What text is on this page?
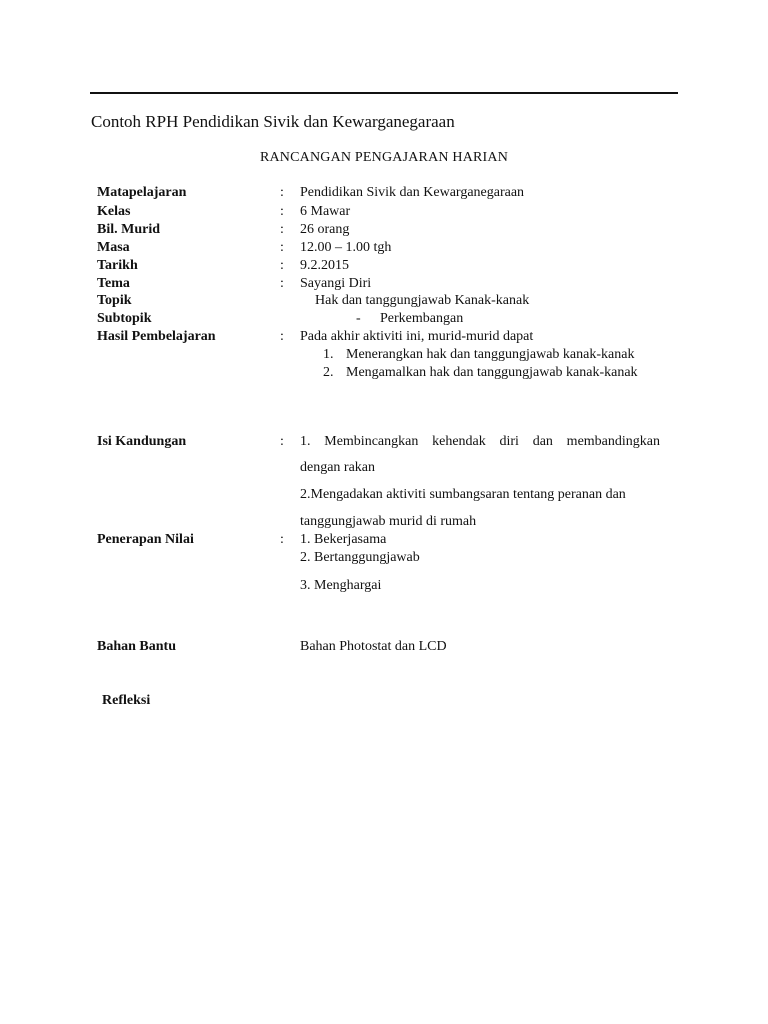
Contoh RPH Pendidikan Sivik dan Kewarganegaraan
RANCANGAN PENGAJARAN HARIAN
Matapelajaran	: Pendidikan Sivik dan Kewarganegaraan
Kelas	: 6 Mawar
Bil. Murid	: 26 orang
Masa	: 12.00 – 1.00 tgh
Tarikh	: 9.2.2015
Tema	: Sayangi Diri
Topik	Hak dan tanggungjawab Kanak-kanak
Subtopik	- Perkembangan
Hasil Pembelajaran	: Pada akhir aktiviti ini, murid-murid dapat
1. Menerangkan hak dan tanggungjawab kanak-kanak
2. Mengamalkan hak dan tanggungjawab kanak-kanak
Isi Kandungan	: 1. Membincangkan kehendak diri dan membandingkan
dengan rakan
2.Mengadakan aktiviti sumbangsaran tentang peranan dan
tanggungjawab murid di rumah
Penerapan Nilai	: 1. Bekerjasama
2. Bertanggungjawab
3. Menghargai
Bahan Bantu	Bahan Photostat dan LCD
Refleksi
